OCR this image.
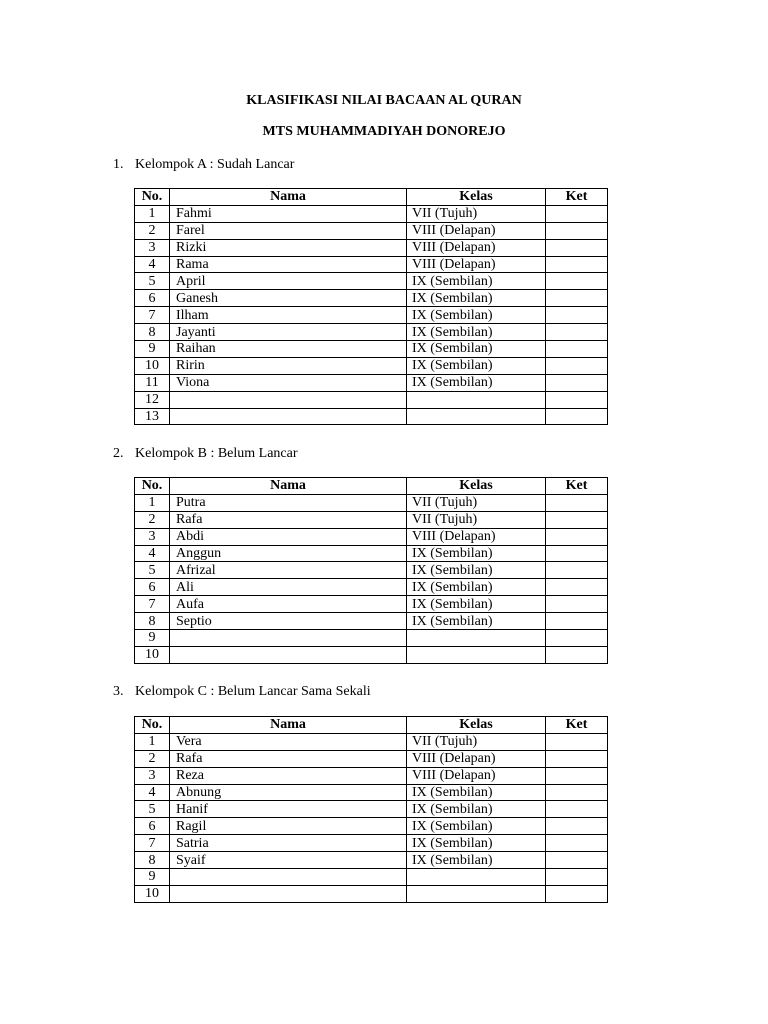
KLASIFIKASI NILAI BACAAN AL QURAN
MTS MUHAMMADIYAH DONOREJO
1. Kelompok A : Sudah Lancar
No.	Nama	Kelas	Ket
1	Fahmi	VII (Tujuh)	
2	Farel	VIII (Delapan)	
3	Rizki	VIII (Delapan)	
4	Rama	VIII (Delapan)	
5	April	IX (Sembilan)	
6	Ganesh	IX (Sembilan)	
7	Ilham	IX (Sembilan)	
8	Jayanti	IX (Sembilan)	
9	Raihan	IX (Sembilan)	
10	Ririn	IX (Sembilan)	
11	Viona	IX (Sembilan)	
12			
13			
2. Kelompok B : Belum Lancar
No.	Nama	Kelas	Ket
1	Putra	VII (Tujuh)	
2	Rafa	VII (Tujuh)	
3	Abdi	VIII (Delapan)	
4	Anggun	IX (Sembilan)	
5	Afrizal	IX (Sembilan)	
6	Ali	IX (Sembilan)	
7	Aufa	IX (Sembilan)	
8	Septio	IX (Sembilan)	
9			
10			
3. Kelompok C : Belum Lancar Sama Sekali
No.	Nama	Kelas	Ket
1	Vera	VII (Tujuh)	
2	Rafa	VIII (Delapan)	
3	Reza	VIII (Delapan)	
4	Abnung	IX (Sembilan)	
5	Hanif	IX (Sembilan)	
6	Ragil	IX (Sembilan)	
7	Satria	IX (Sembilan)	
8	Syaif	IX (Sembilan)	
9			
10			
